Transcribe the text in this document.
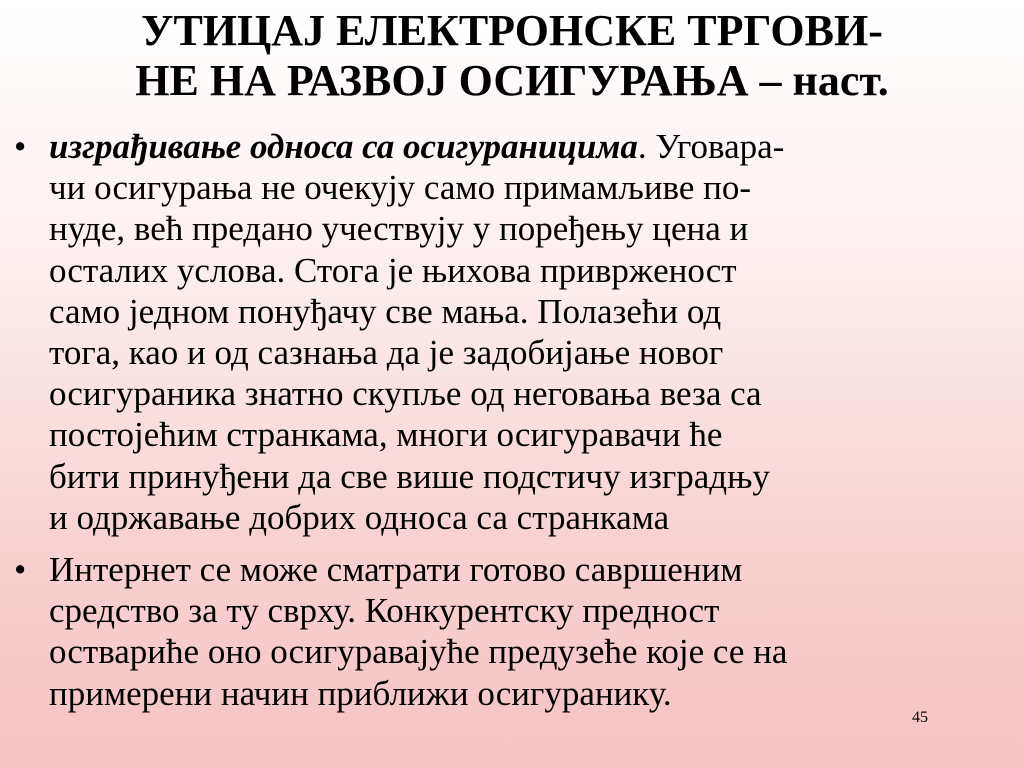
УТИЦАЈ ЕЛЕКТРОНСКЕ ТРГОВИ-
НЕ НА РАЗВОЈ ОСИГУРАЊА – наст.
• изграђивање односа са осигураницима. Уговара-
чи осигурања не очекују само примамљиве по-
нуде, већ предано учествују у поређењу цена и
осталих услова. Стога је њихова привржeност
само једном понуђачу све мања. Полазећи од
тога, као и од сазнања да је задобијање новог
осигураника знатно скупље од неговања веза са
постојећим странкама, многи осигуравачи ће
бити принуђени да све више подстичу изградњу
и одржавање добрих односа са странкама
• Интернет се може сматрати готово савршеним
средство за ту сврху. Конкурентску предност
оствариће оно осигуравајуће предузеће које се на
примерени начин приближи осигуранику.
45
